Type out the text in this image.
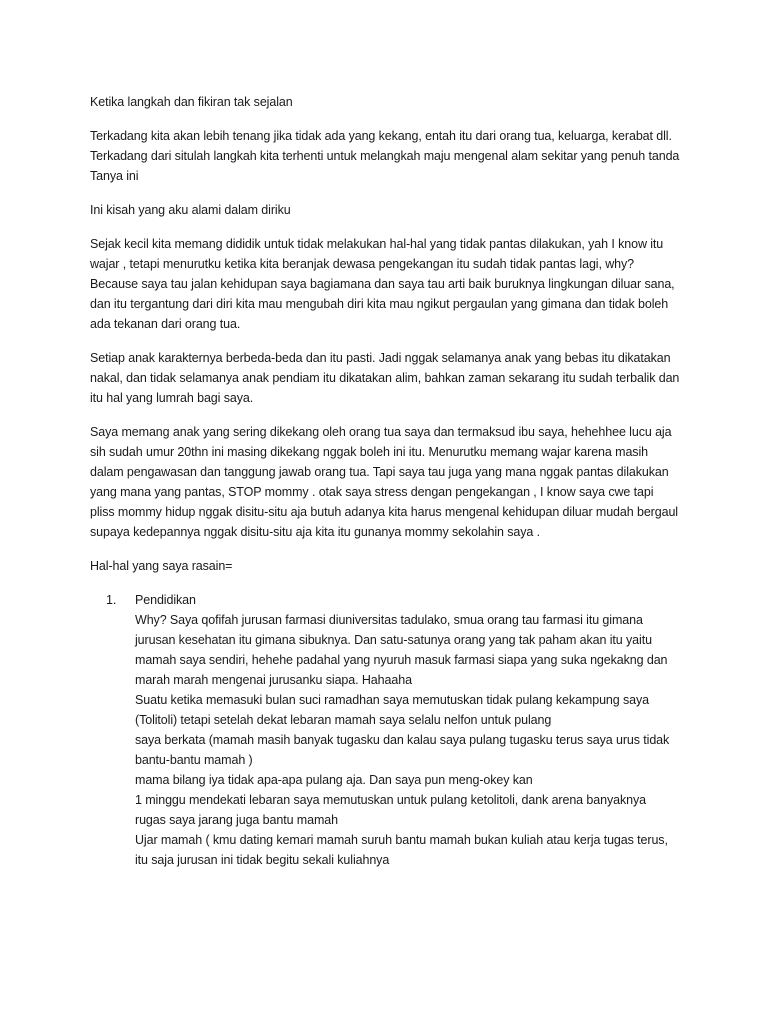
Ketika langkah dan fikiran tak sejalan

Terkadang kita akan lebih tenang jika tidak ada yang kekang, entah itu dari orang tua, keluarga, kerabat dll. Terkadang dari situlah langkah kita terhenti untuk melangkah maju mengenal alam sekitar yang penuh tanda Tanya ini

Ini kisah yang aku alami dalam diriku

Sejak kecil kita memang dididik untuk tidak melakukan hal-hal yang tidak pantas dilakukan, yah I know itu wajar , tetapi menurutku ketika kita beranjak dewasa pengekangan itu sudah tidak pantas lagi, why? Because saya tau jalan kehidupan saya bagiamana dan saya tau arti baik buruknya lingkungan diluar sana, dan itu tergantung dari diri kita mau mengubah diri kita mau ngikut pergaulan yang gimana dan tidak boleh ada tekanan dari orang tua.

Setiap anak karakternya berbeda-beda dan itu pasti. Jadi nggak selamanya anak yang bebas itu dikatakan nakal, dan tidak selamanya anak pendiam itu dikatakan alim, bahkan zaman sekarang itu sudah terbalik dan itu hal yang lumrah bagi saya.

Saya memang anak yang sering dikekang oleh orang tua saya dan termaksud ibu saya, hehehhee lucu aja sih sudah umur 20thn ini masing dikekang nggak boleh ini itu. Menurutku memang wajar karena masih dalam pengawasan dan tanggung jawab orang tua. Tapi saya tau juga yang mana nggak pantas dilakukan yang mana yang pantas, STOP mommy . otak saya stress dengan pengekangan , I know saya cwe tapi pliss mommy hidup nggak disitu-situ aja butuh adanya kita harus mengenal kehidupan diluar mudah bergaul supaya kedepannya nggak disitu-situ aja kita itu gunanya mommy sekolahin saya .

Hal-hal yang saya rasain=

1. Pendidikan
Why? Saya qofifah jurusan farmasi diuniversitas tadulako, smua orang tau farmasi itu gimana jurusan kesehatan itu gimana sibuknya. Dan satu-satunya orang yang tak paham akan itu yaitu mamah saya sendiri, hehehe padahal yang nyuruh masuk farmasi siapa yang suka ngekakng dan marah marah mengenai jurusanku siapa. Hahaaha
Suatu ketika memasuki bulan suci ramadhan saya memutuskan tidak pulang kekampung saya (Tolitoli) tetapi setelah dekat lebaran mamah saya selalu nelfon untuk pulang
saya berkata (mamah masih banyak tugasku dan kalau saya pulang tugasku terus saya urus tidak bantu-bantu mamah )
mama bilang iya tidak apa-apa pulang aja. Dan saya pun meng-okey kan
1 minggu mendekati lebaran saya memutuskan untuk pulang ketolitoli, dank arena banyaknya rugas saya jarang juga bantu mamah
Ujar mamah ( kmu dating kemari mamah suruh bantu mamah bukan kuliah atau kerja tugas terus, itu saja jurusan ini tidak begitu sekali kuliahnya
